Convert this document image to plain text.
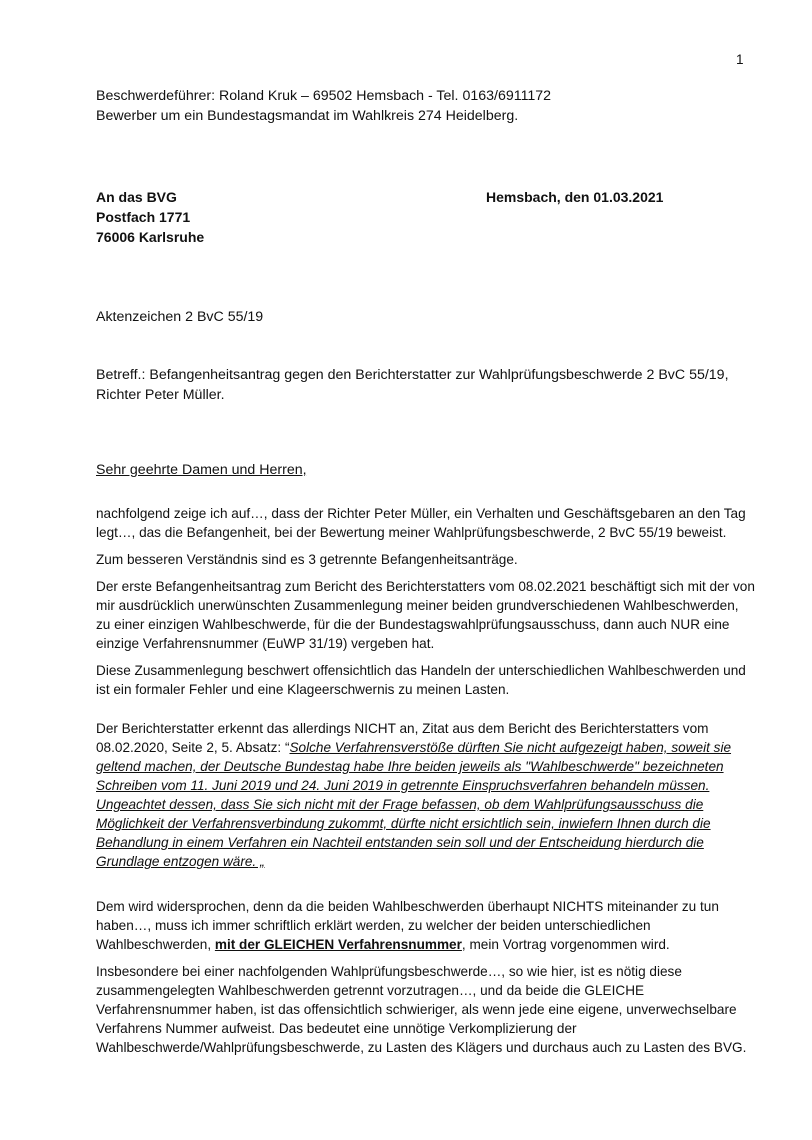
1
Beschwerdeführer: Roland Kruk – 69502 Hemsbach - Tel. 0163/6911172
Bewerber um ein Bundestagsmandat im Wahlkreis 274 Heidelberg.
An das BVG
Postfach 1771
76006 Karlsruhe
Hemsbach, den 01.03.2021
Aktenzeichen 2 BvC 55/19
Betreff.: Befangenheitsantrag gegen den Berichterstatter zur Wahlprüfungsbeschwerde 2 BvC 55/19, Richter Peter Müller.
Sehr geehrte Damen und Herren,

nachfolgend zeige ich auf…, dass der Richter Peter Müller, ein Verhalten und Geschäftsgebaren an den Tag legt…, das die Befangenheit, bei der Bewertung meiner Wahlprüfungsbeschwerde, 2 BvC 55/19 beweist.

Zum besseren Verständnis sind es 3 getrennte Befangenheitsanträge.

Der erste Befangenheitsantrag zum Bericht des Berichterstatters vom 08.02.2021 beschäftigt sich mit der von mir ausdrücklich unerwünschten Zusammenlegung meiner beiden grundverschiedenen Wahlbeschwerden, zu einer einzigen Wahlbeschwerde, für die der Bundestagswahlprüfungsausschuss, dann auch NUR eine einzige Verfahrensnummer (EuWP 31/19) vergeben hat.

Diese Zusammenlegung beschwert offensichtlich das Handeln der unterschiedlichen Wahlbeschwerden und ist ein formaler Fehler und eine Klageerschwernis zu meinen Lasten.

Der Berichterstatter erkennt das allerdings NICHT an, Zitat aus dem Bericht des Berichterstatters vom 08.02.2020, Seite 2, 5. Absatz: “Solche Verfahrensverstöße dürften Sie nicht aufgezeigt haben, soweit sie geltend machen, der Deutsche Bundestag habe Ihre beiden jeweils als "Wahlbeschwerde" bezeichneten Schreiben vom 11. Juni 2019 und 24. Juni 2019 in getrennte Einspruchsverfahren behandeln müssen. Ungeachtet dessen, dass Sie sich nicht mit der Frage befassen, ob dem Wahlprüfungsausschuss die Möglichkeit der Verfahrensverbindung zukommt, dürfte nicht ersichtlich sein, inwiefern Ihnen durch die Behandlung in einem Verfahren ein Nachteil entstanden sein soll und der Entscheidung hierdurch die Grundlage entzogen wäre. „

Dem wird widersprochen, denn da die beiden Wahlbeschwerden überhaupt NICHTS miteinander zu tun haben…, muss ich immer schriftlich erklärt werden, zu welcher der beiden unterschiedlichen Wahlbeschwerden, mit der GLEICHEN Verfahrensnummer, mein Vortrag vorgenommen wird.

Insbesondere bei einer nachfolgenden Wahlprüfungsbeschwerde…, so wie hier, ist es nötig diese zusammengelegten Wahlbeschwerden getrennt vorzutragen…, und da beide die GLEICHE Verfahrensnummer haben, ist das offensichtlich schwieriger, als wenn jede eine eigene, unverwechselbare Verfahrens Nummer aufweist. Das bedeutet eine unnötige Verkomplizierung der Wahlbeschwerde/Wahlprüfungsbeschwerde, zu Lasten des Klägers und durchaus auch zu Lasten des BVG.
